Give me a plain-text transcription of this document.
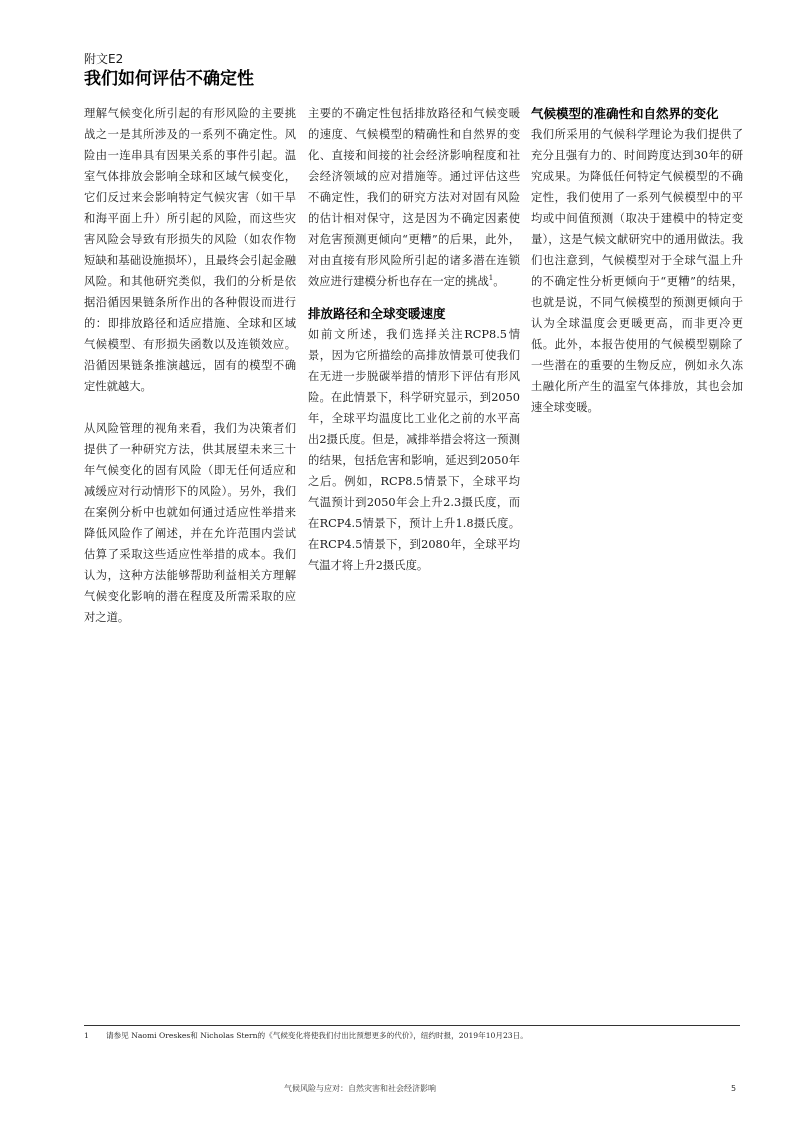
附文E2
我们如何评估不确定性

理解气候变化所引起的有形风险的主要挑战之一是其所涉及的一系列不确定性。风险由一连串具有因果关系的事件引起。温室气体排放会影响全球和区域气候变化，它们反过来会影响特定气候灾害（如干旱和海平面上升）所引起的风险，而这些灾害风险会导致有形损失的风险（如农作物短缺和基础设施损坏），且最终会引起金融风险。和其他研究类似，我们的分析是依据沿循因果链条所作出的各种假设而进行的：即排放路径和适应措施、全球和区域气候模型、有形损失函数以及连锁效应。沿循因果链条推演越远，固有的模型不确定性就越大。

从风险管理的视角来看，我们为决策者们提供了一种研究方法，供其展望未来三十年气候变化的固有风险（即无任何适应和减缓应对行动情形下的风险）。另外，我们在案例分析中也就如何通过适应性举措来降低风险作了阐述，并在允许范围内尝试估算了采取这些适应性举措的成本。我们认为，这种方法能够帮助利益相关方理解气候变化影响的潜在程度及所需采取的应对之道。

主要的不确定性包括排放路径和气候变暖的速度、气候模型的精确性和自然界的变化、直接和间接的社会经济影响程度和社会经济领域的应对措施等。通过评估这些不确定性，我们的研究方法对对固有风险的估计相对保守，这是因为不确定因素使对危害预测更倾向“更糟”的后果，此外，对由直接有形风险所引起的诸多潜在连锁效应进行建模分析也存在一定的挑战$^1$。

排放路径和全球变暖速度

如前文所述，我们选择关注RCP8.5情景，因为它所描绘的高排放情景可使我们在无进一步脱碳举措的情形下评估有形风险。在此情景下，科学研究显示，到2050年，全球平均温度比工业化之前的水平高出2摄氏度。但是，减排举措会将这一预测的结果，包括危害和影响，延迟到2050年之后。例如，RCP8.5情景下，全球平均气温预计到2050年会上升2.3摄氏度，而在RCP4.5情景下，预计上升1.8摄氏度。在RCP4.5情景下，到2080年，全球平均气温才将上升2摄氏度。

气候模型的准确性和自然界的变化

我们所采用的气候科学理论为我们提供了充分且强有力的、时间跨度达到30年的研究成果。为降低任何特定气候模型的不确定性，我们使用了一系列气候模型中的平均或中间值预测（取决于建模中的特定变量），这是气候文献研究中的通用做法。我们也注意到，气候模型对于全球气温上升的不确定性分析更倾向于“更糟”的结果，也就是说，不同气候模型的预测更倾向于认为全球温度会更暖更高，而非更冷更低。此外，本报告使用的气候模型剔除了一些潜在的重要的生物反应，例如永久冻土融化所产生的温室气体排放，其也会加速全球变暖。

1 请参见 Naomi Oreskes和 Nicholas Stern的《气候变化将使我们付出比预想更多的代价》，纽约时报，2019年10月23日。
气候风险与应对：自然灾害和社会经济影响	5
